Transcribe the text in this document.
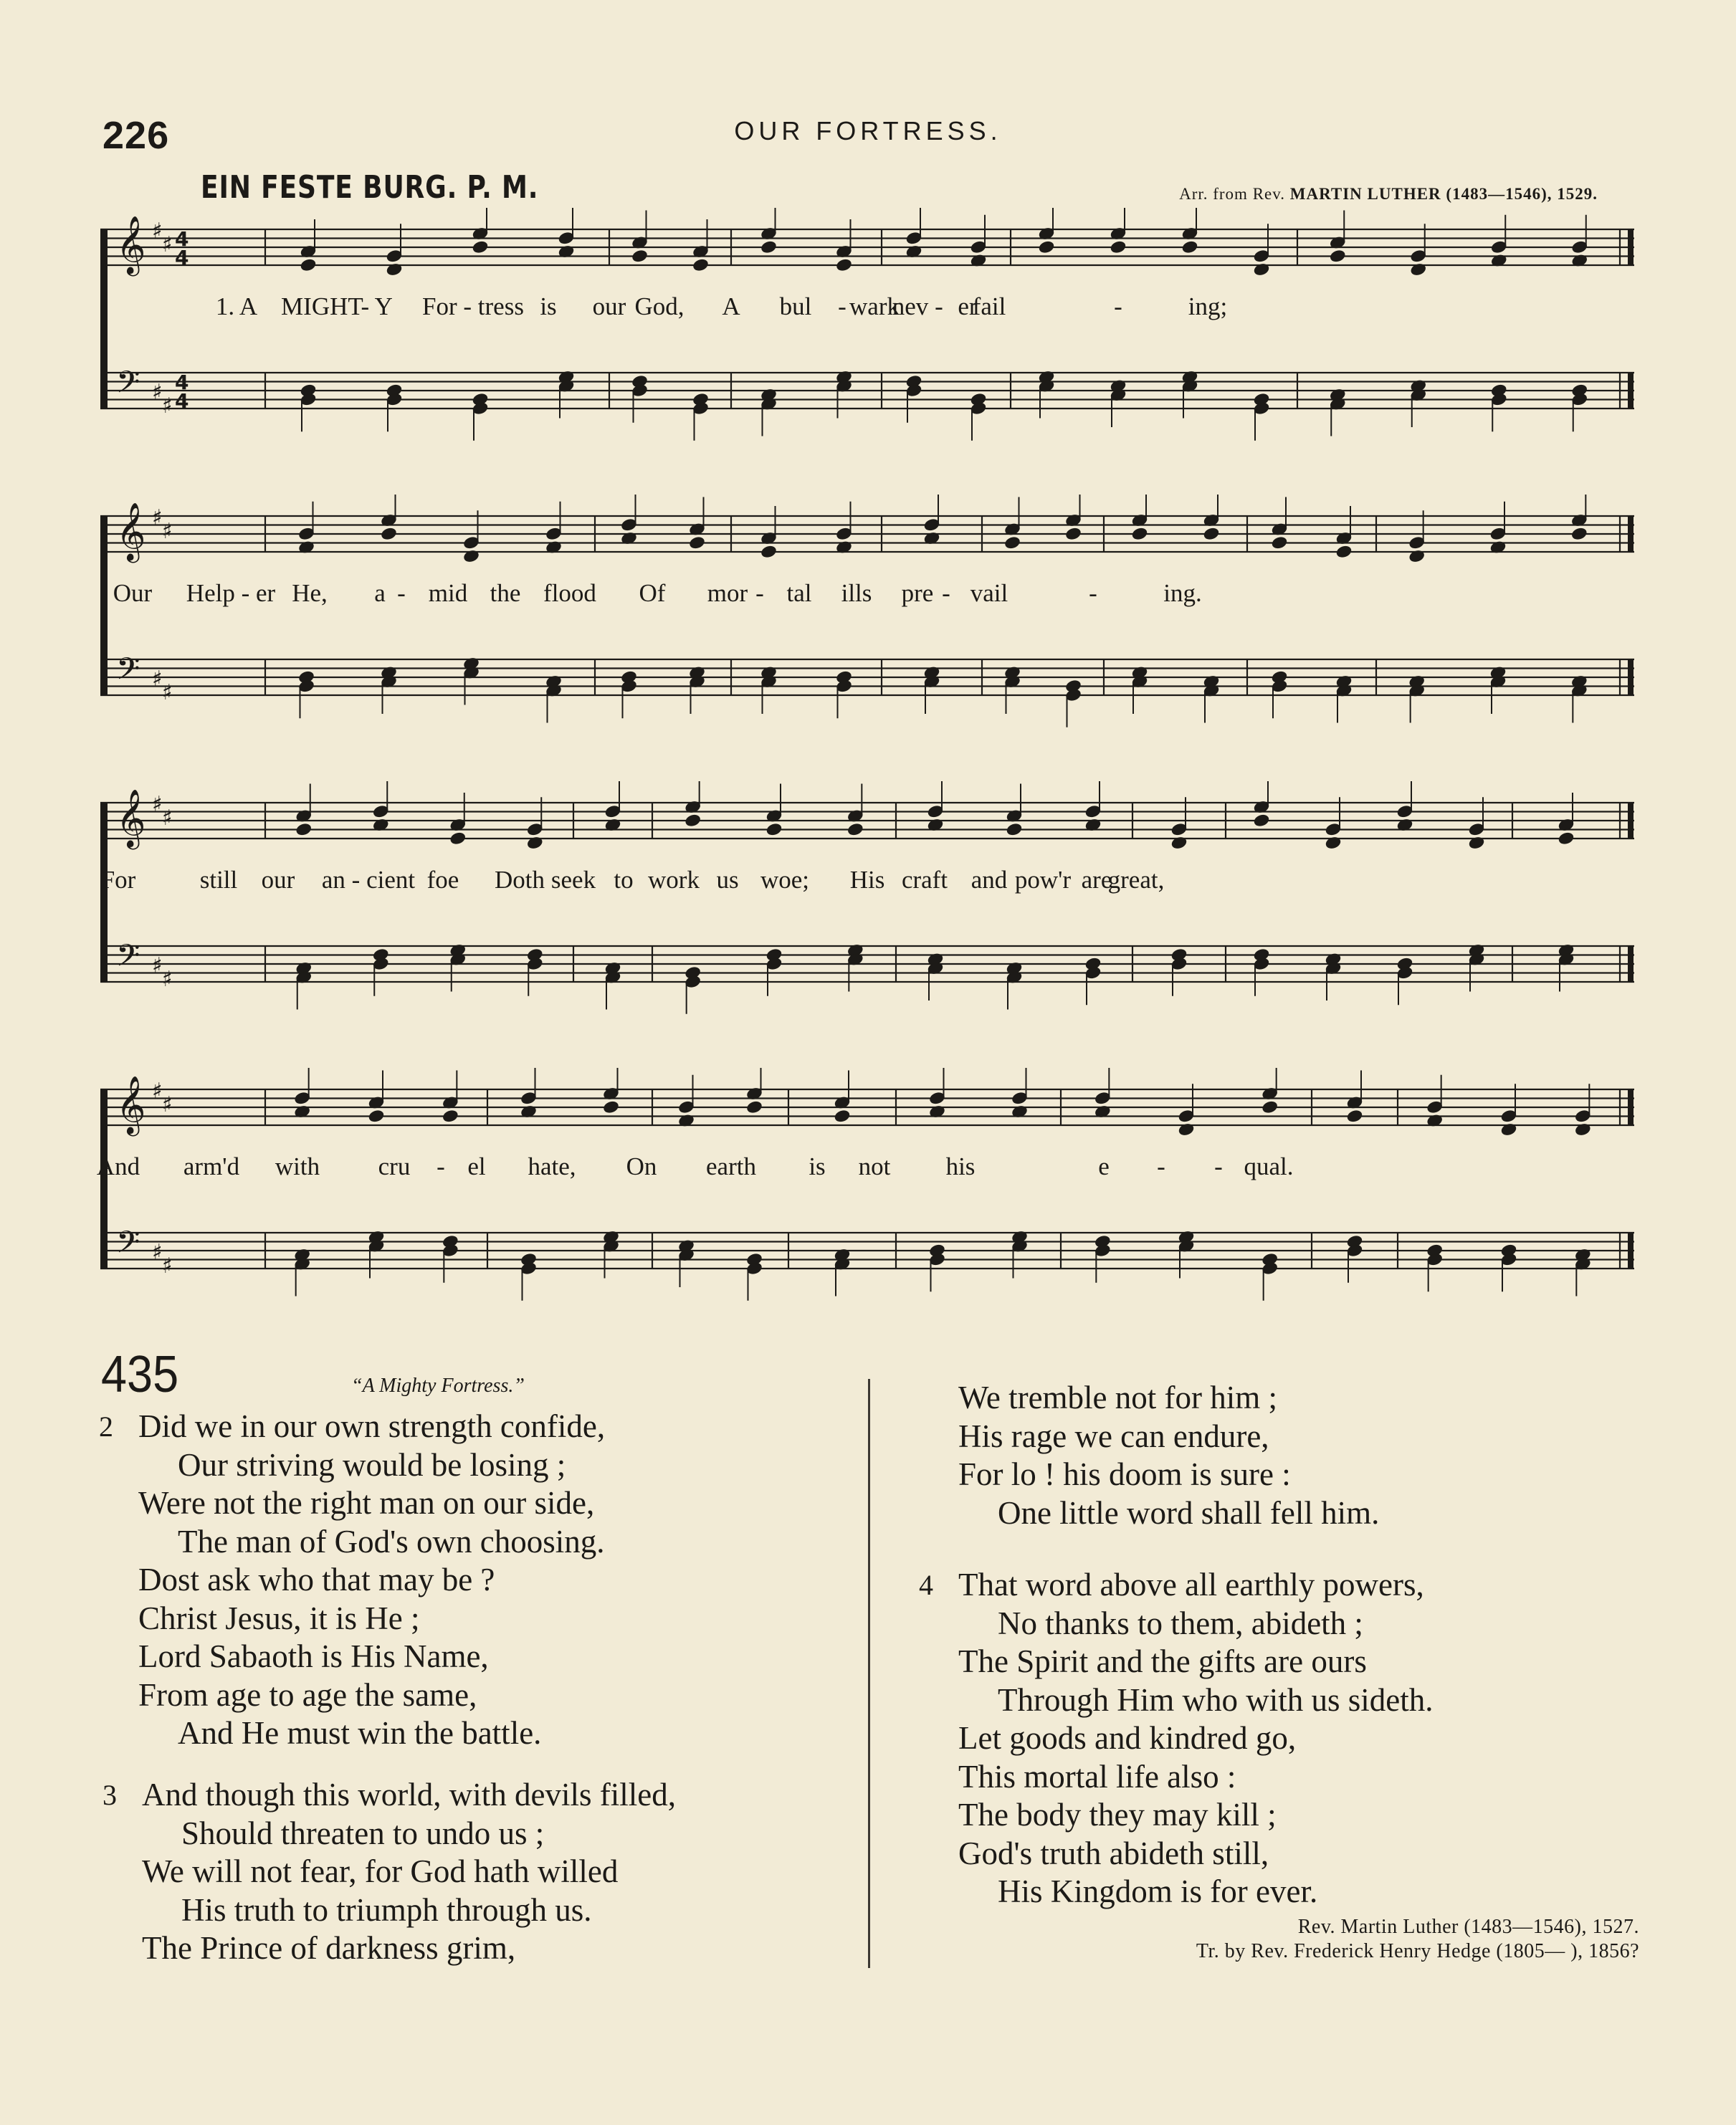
226	OUR FORTRESS.
EIN FESTE BURG. P. M.	Arr. from Rev. MARTIN LUTHER (1483—1546), 1529.
𝄞
𝄢
♯
♯
♯
♯
4
4
4
4
1. A MIGHT- Y For - tress is our God, A bul - wark
nev - er
fail	-	ing;
𝄞
𝄢
♯
♯
♯
♯
Our Help - er He, a - mid the flood Of mor - tal ills pre - vail	-	ing.
𝄞
𝄢
♯
♯
♯
♯
For	still our an - cient foe Doth seek to work us woe; His craft and pow'r are
great,
𝄞
𝄢
♯
♯
♯
♯
And arm'd with cru - el hate, On earth is not his	e - - qual.
435	“A Mighty Fortress.”
2 Did we in our own strength confide,
Our striving would be losing ;
Were not the right man on our side,
The man of God's own choosing.
Dost ask who that may be ?
Christ Jesus, it is He ;
Lord Sabaoth is His Name,
From age to age the same,
And He must win the battle.
3 And though this world, with devils filled,
Should threaten to undo us ;
We will not fear, for God hath willed
His truth to triumph through us.
The Prince of darkness grim,
We tremble not for him ;
His rage we can endure,
For lo ! his doom is sure :
One little word shall fell him.
4 That word above all earthly powers,
No thanks to them, abideth ;
The Spirit and the gifts are ours
Through Him who with us sideth.
Let goods and kindred go,
This mortal life also :
The body they may kill ;
God's truth abideth still,
His Kingdom is for ever.
Rev. Martin Luther (1483—1546), 1527.
Tr. by Rev. Frederick Henry Hedge (1805— ), 1856?
